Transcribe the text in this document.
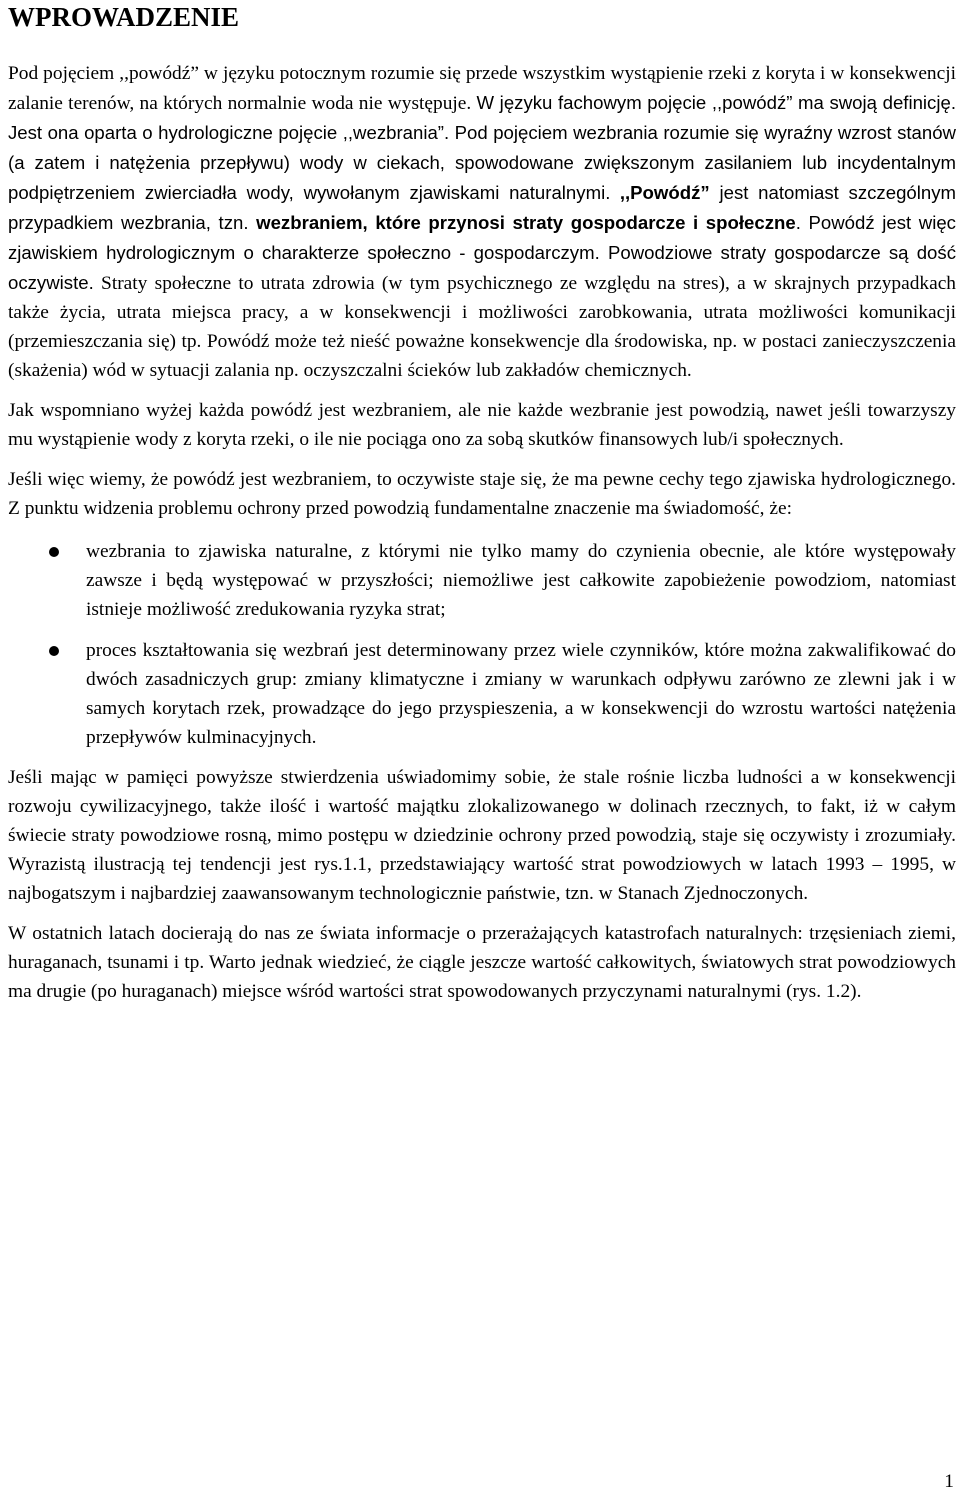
WPROWADZENIE

Pod pojęciem ,,powódź” w języku potocznym rozumie się przede wszystkim wystąpienie rzeki z koryta i w konsekwencji zalanie terenów, na których normalnie woda nie występuje. W języku fachowym pojęcie ,,powódź” ma swoją definicję. Jest ona oparta o hydrologiczne pojęcie ,,wezbrania”. Pod pojęciem wezbrania rozumie się wyraźny wzrost stanów (a zatem i natężenia przepływu) wody w ciekach, spowodowane zwiększonym zasilaniem lub incydentalnym podpiętrzeniem zwierciadła wody, wywołanym zjawiskami naturalnymi. ,,Powódź” jest natomiast szczególnym przypadkiem wezbrania, tzn. wezbraniem, które przynosi straty gospodarcze i społeczne. Powódź jest więc zjawiskiem hydrologicznym o charakterze społeczno - gospodarczym. Powodziowe straty gospodarcze są dość oczywiste. Straty społeczne to utrata zdrowia (w tym psychicznego ze względu na stres), a w skrajnych przypadkach także życia, utrata miejsca pracy, a w konsekwencji i możliwości zarobkowania, utrata możliwości komunikacji (przemieszczania się) tp. Powódź może też nieść poważne konsekwencje dla środowiska, np. w postaci zanieczyszczenia (skażenia) wód w sytuacji zalania np. oczyszczalni ścieków lub zakładów chemicznych.

Jak wspomniano wyżej każda powódź jest wezbraniem, ale nie każde wezbranie jest powodzią, nawet jeśli towarzyszy mu wystąpienie wody z koryta rzeki, o ile nie pociąga ono za sobą skutków finansowych lub/i społecznych.

Jeśli więc wiemy, że powódź jest wezbraniem, to oczywiste staje się, że ma pewne cechy tego zjawiska hydrologicznego. Z punktu widzenia problemu ochrony przed powodzią fundamentalne znaczenie ma świadomość, że:

wezbrania to zjawiska naturalne, z którymi nie tylko mamy do czynienia obecnie, ale które występowały zawsze i będą występować w przyszłości; niemożliwe jest całkowite zapobieżenie powodziom, natomiast istnieje możliwość zredukowania ryzyka strat;
proces kształtowania się wezbrań jest determinowany przez wiele czynników, które można zakwalifikować do dwóch zasadniczych grup: zmiany klimatyczne i zmiany w warunkach odpływu zarówno ze zlewni jak i w samych korytach rzek, prowadzące do jego przyspieszenia, a w konsekwencji do wzrostu wartości natężenia przepływów kulminacyjnych.

Jeśli mając w pamięci powyższe stwierdzenia uświadomimy sobie, że stale rośnie liczba ludności a w konsekwencji rozwoju cywilizacyjnego, także ilość i wartość majątku zlokalizowanego w dolinach rzecznych, to fakt, iż w całym świecie straty powodziowe rosną, mimo postępu w dziedzinie ochrony przed powodzią, staje się oczywisty i zrozumiały. Wyrazistą ilustracją tej tendencji jest rys.1.1, przedstawiający wartość strat powodziowych w latach 1993 – 1995, w najbogatszym i najbardziej zaawansowanym technologicznie państwie, tzn. w Stanach Zjednoczonych.

W ostatnich latach docierają do nas ze świata informacje o przerażających katastrofach naturalnych: trzęsieniach ziemi, huraganach, tsunami i tp. Warto jednak wiedzieć, że ciągle jeszcze wartość całkowitych, światowych strat powodziowych ma drugie (po huraganach) miejsce wśród wartości strat spowodowanych przyczynami naturalnymi (rys. 1.2).

1
